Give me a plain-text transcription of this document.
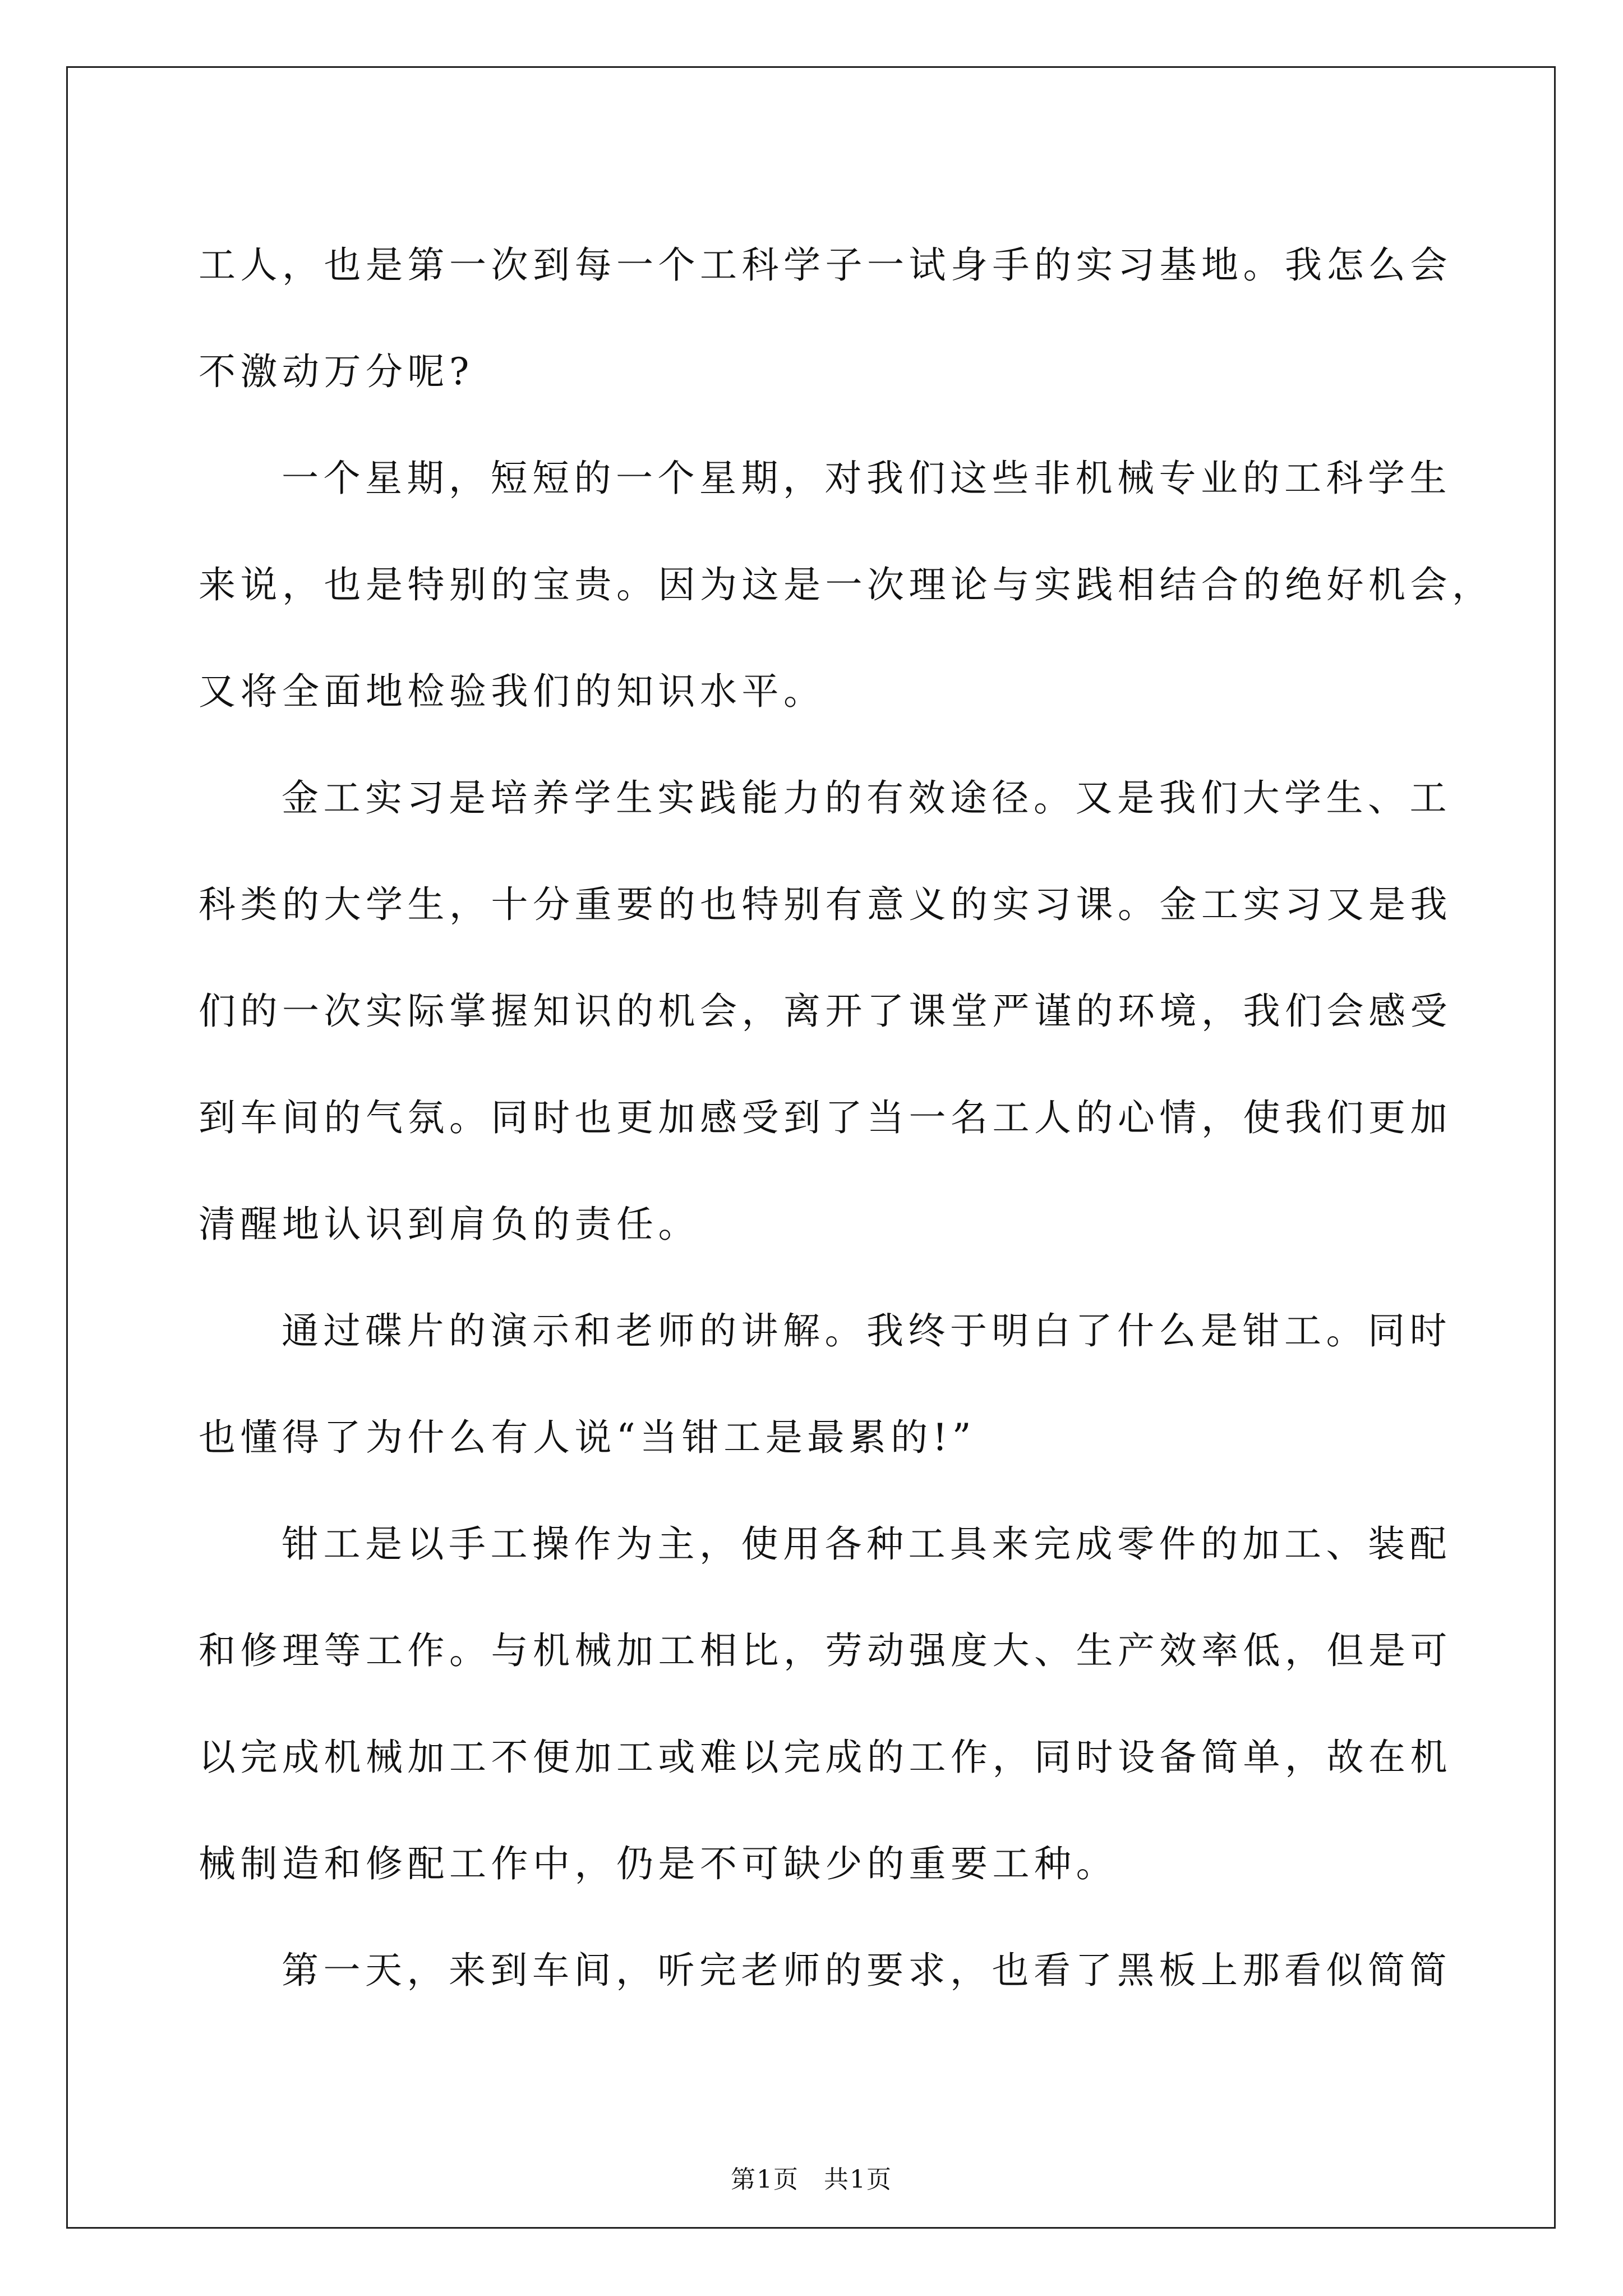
工人，也是第一次到每一个工科学子一试身手的实习基地。我怎么会
不激动万分呢?
一个星期，短短的一个星期，对我们这些非机械专业的工科学生
来说，也是特别的宝贵。因为这是一次理论与实践相结合的绝好机会，
又将全面地检验我们的知识水平。
金工实习是培养学生实践能力的有效途径。又是我们大学生、工
科类的大学生，十分重要的也特别有意义的实习课。金工实习又是我
们的一次实际掌握知识的机会，离开了课堂严谨的环境，我们会感受
到车间的气氛。同时也更加感受到了当一名工人的心情，使我们更加
清醒地认识到肩负的责任。
通过碟片的演示和老师的讲解。我终于明白了什么是钳工。同时
也懂得了为什么有人说“当钳工是最累的!”
钳工是以手工操作为主，使用各种工具来完成零件的加工、装配
和修理等工作。与机械加工相比，劳动强度大、生产效率低，但是可
以完成机械加工不便加工或难以完成的工作，同时设备简单，故在机
械制造和修配工作中，仍是不可缺少的重要工种。
第一天，来到车间，听完老师的要求，也看了黑板上那看似简简
第1页 共1页
